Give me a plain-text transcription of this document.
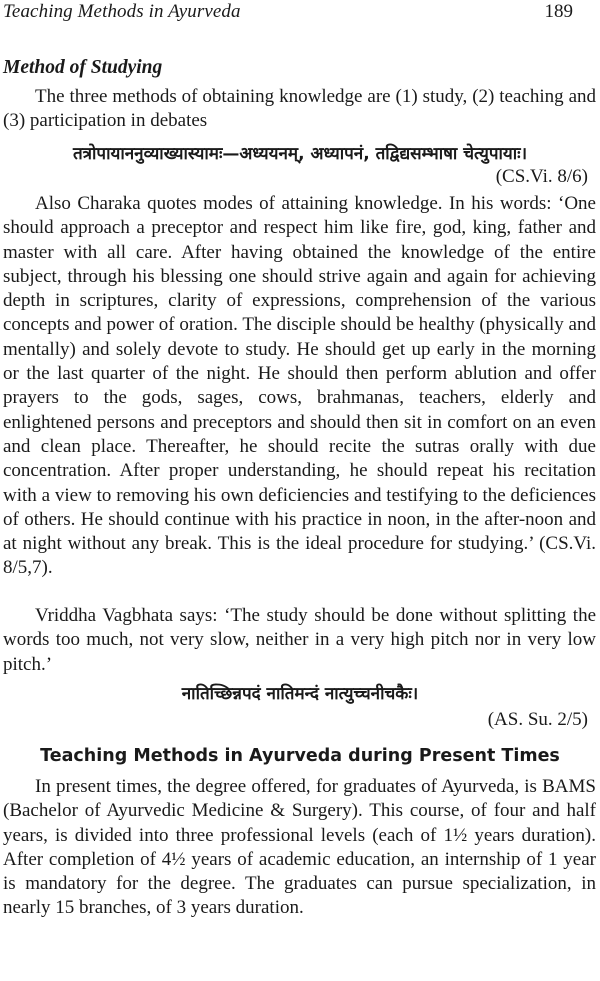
Teaching Methods in Ayurveda	189
Method of Studying

The three methods of obtaining knowledge are (1) study, (2) teaching and (3) participation in debates

तत्रोपायाननुव्याख्यास्यामः—अध्ययनम्, अध्यापनं, तद्विद्यसम्भाषा चेत्युपायाः।
(CS.Vi. 8/6)

Also Charaka quotes modes of attaining knowledge. In his words: ‘One should approach a preceptor and respect him like fire, god, king, father and master with all care. After having obtained the knowledge of the entire subject, through his blessing one should strive again and again for achieving depth in scriptures, clarity of expressions, comprehension of the various concepts and power of oration. The disciple should be healthy (physically and mentally) and solely devote to study. He should get up early in the morning or the last quarter of the night. He should then perform ablution and offer prayers to the gods, sages, cows, brahmanas, teachers, elderly and enlightened persons and preceptors and should then sit in comfort on an even and clean place. Thereafter, he should recite the sutras orally with due concentration. After proper understanding, he should repeat his recitation with a view to removing his own deficiencies and testifying to the deficiences of others. He should continue with his practice in noon, in the after-noon and at night without any break. This is the ideal procedure for studying.’ (CS.Vi. 8/5,7).

Vriddha Vagbhata says: ‘The study should be done without splitting the words too much, not very slow, neither in a very high pitch nor in very low pitch.’

नातिच्छिन्नपदं नातिमन्दं नात्युच्चनीचकैः।
(AS. Su. 2/5)
Teaching Methods in Ayurveda during Present Times

In present times, the degree offered, for graduates of Ayurveda, is BAMS (Bachelor of Ayurvedic Medicine & Surgery). This course, of four and half years, is divided into three professional levels (each of 1½ years duration). After completion of 4½ years of academic education, an internship of 1 year is mandatory for the degree. The graduates can pursue specialization, in nearly 15 branches, of 3 years duration.
